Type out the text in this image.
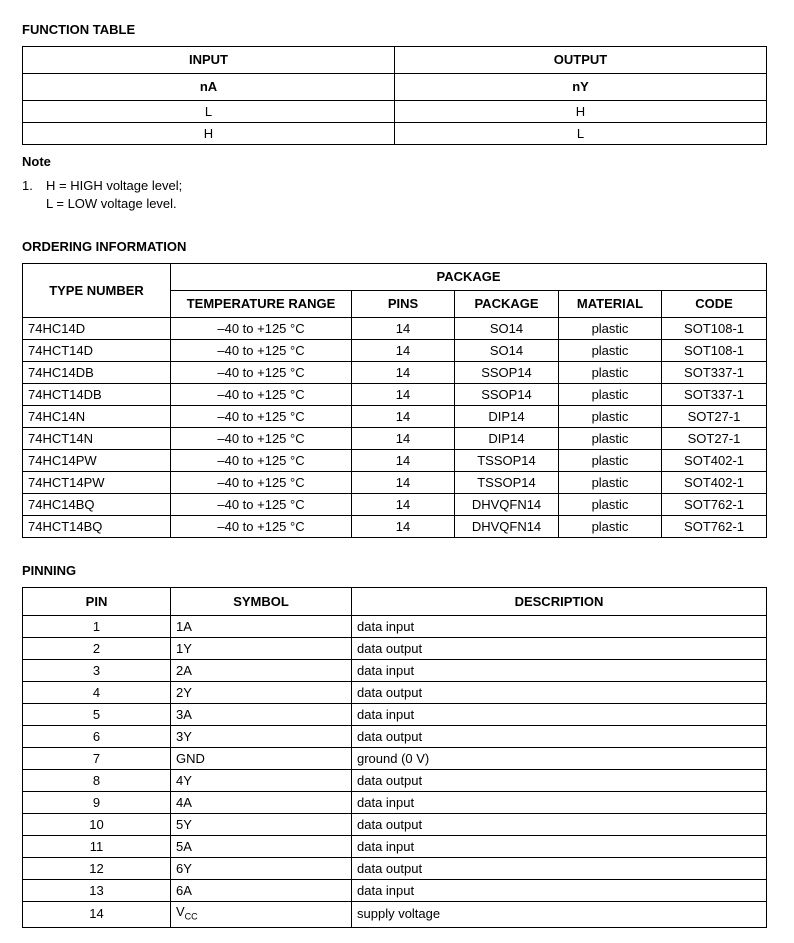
FUNCTION TABLE
INPUT	OUTPUT
nA	nY
L	H
H	L
Note
1. H = HIGH voltage level;
L = LOW voltage level.
ORDERING INFORMATION
TYPE NUMBER	PACKAGE				
	TEMPERATURE RANGE	PINS	PACKAGE	MATERIAL	CODE
74HC14D	–40 to +125 °C	14	SO14	plastic	SOT108-1
74HCT14D	–40 to +125 °C	14	SO14	plastic	SOT108-1
74HC14DB	–40 to +125 °C	14	SSOP14	plastic	SOT337-1
74HCT14DB	–40 to +125 °C	14	SSOP14	plastic	SOT337-1
74HC14N	–40 to +125 °C	14	DIP14	plastic	SOT27-1
74HCT14N	–40 to +125 °C	14	DIP14	plastic	SOT27-1
74HC14PW	–40 to +125 °C	14	TSSOP14	plastic	SOT402-1
74HCT14PW	–40 to +125 °C	14	TSSOP14	plastic	SOT402-1
74HC14BQ	–40 to +125 °C	14	DHVQFN14	plastic	SOT762-1
74HCT14BQ	–40 to +125 °C	14	DHVQFN14	plastic	SOT762-1
PINNING
PIN	SYMBOL	DESCRIPTION
1	1A	data input
2	1Y	data output
3	2A	data input
4	2Y	data output
5	3A	data input
6	3Y	data output
7	GND	ground (0 V)
8	4Y	data output
9	4A	data input
10	5Y	data output
11	5A	data input
12	6Y	data output
13	6A	data input
14	$V_{CC}$	supply voltage
